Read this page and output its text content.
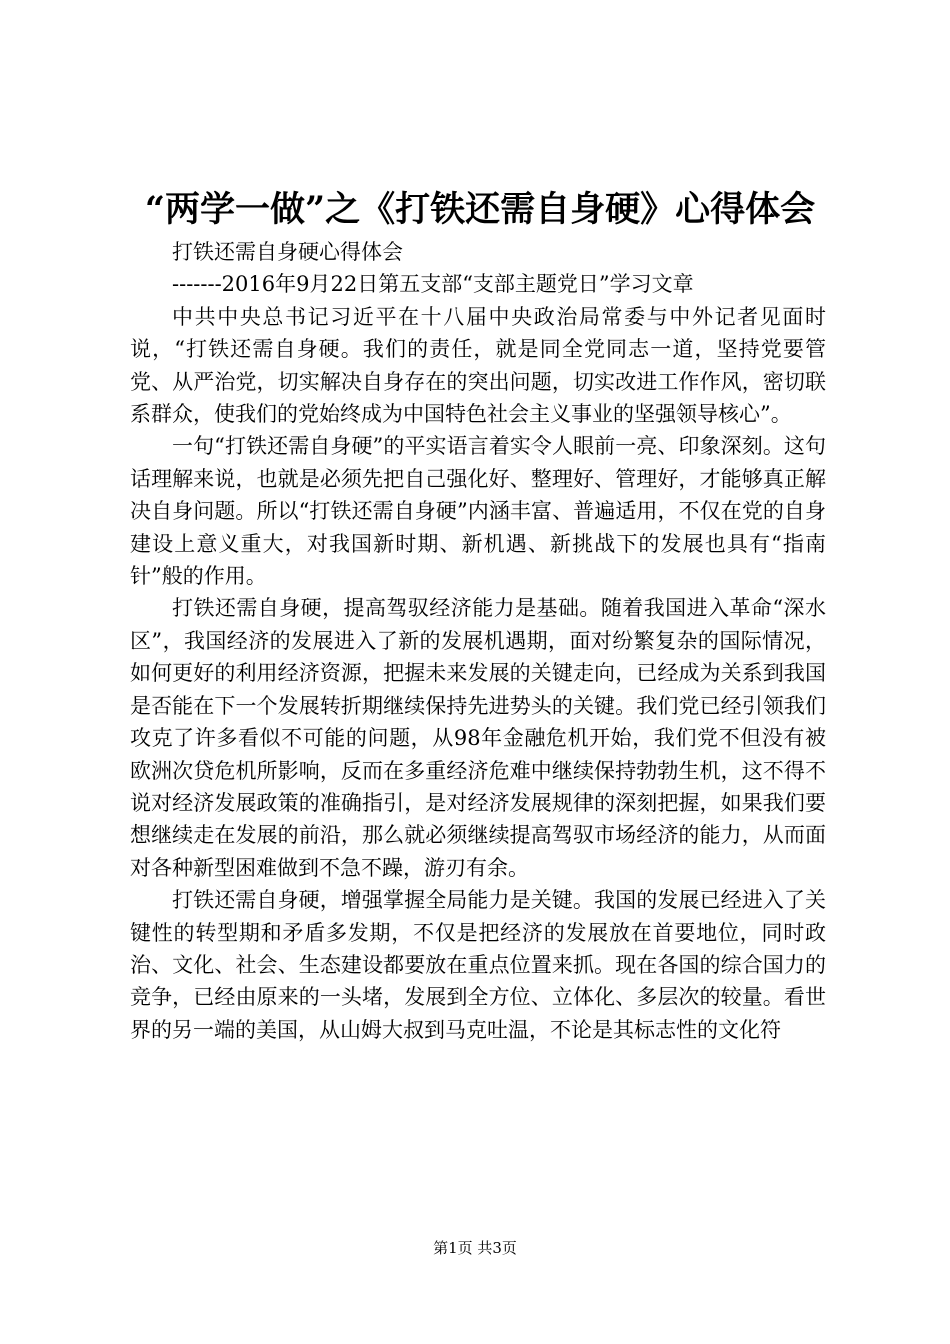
“两学一做”之《打铁还需自身硬》心得体会

打铁还需自身硬心得体会

-------2016年9月22日第五支部“支部主题党日”学习文章

中共中央总书记习近平在十八届中央政治局常委与中外记者见面时说，“打铁还需自身硬。我们的责任，就是同全党同志一道，坚持党要管党、从严治党，切实解决自身存在的突出问题，切实改进工作作风，密切联系群众，使我们的党始终成为中国特色社会主义事业的坚强领导核心”。

一句“打铁还需自身硬”的平实语言着实令人眼前一亮、印象深刻。这句话理解来说，也就是必须先把自己强化好、整理好、管理好，才能够真正解决自身问题。所以“打铁还需自身硬”内涵丰富、普遍适用，不仅在党的自身建设上意义重大，对我国新时期、新机遇、新挑战下的发展也具有“指南针”般的作用。

打铁还需自身硬，提高驾驭经济能力是基础。随着我国进入革命“深水区”，我国经济的发展进入了新的发展机遇期，面对纷繁复杂的国际情况，如何更好的利用经济资源，把握未来发展的关键走向，已经成为关系到我国是否能在下一个发展转折期继续保持先进势头的关键。我们党已经引领我们攻克了许多看似不可能的问题，从98年金融危机开始，我们党不但没有被欧洲次贷危机所影响，反而在多重经济危难中继续保持勃勃生机，这不得不说对经济发展政策的准确指引，是对经济发展规律的深刻把握，如果我们要想继续走在发展的前沿，那么就必须继续提高驾驭市场经济的能力，从而面对各种新型困难做到不急不躁，游刃有余。

打铁还需自身硬，增强掌握全局能力是关键。我国的发展已经进入了关键性的转型期和矛盾多发期，不仅是把经济的发展放在首要地位，同时政治、文化、社会、生态建设都要放在重点位置来抓。现在各国的综合国力的竞争，已经由原来的一头堵，发展到全方位、立体化、多层次的较量。看世界的另一端的美国，从山姆大叔到马克吐温，不论是其标志性的文化符

第1页 共3页
